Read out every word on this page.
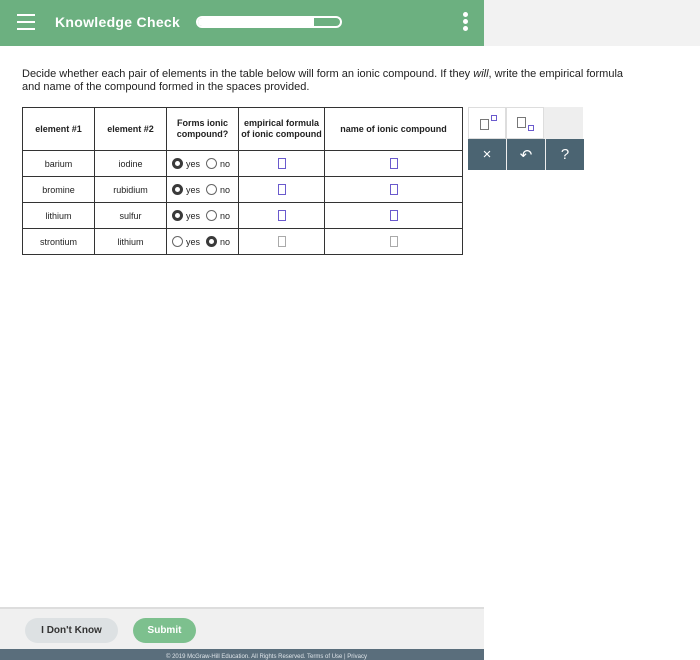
Knowledge Check
Decide whether each pair of elements in the table below will form an ionic compound. If they will, write the empirical formula and name of the compound formed in the spaces provided.
element #1	element #2	Forms ionic compound?	empirical formula of ionic compound	name of ionic compound
barium	iodine	yes no		

bromine	rubidium	yes no		

lithium	sulfur	yes no		

strontium	lithium	yes no		

× ↶ ?
I Don't Know	Submit
© 2019 McGraw-Hill Education. All Rights Reserved. Terms of Use | Privacy
